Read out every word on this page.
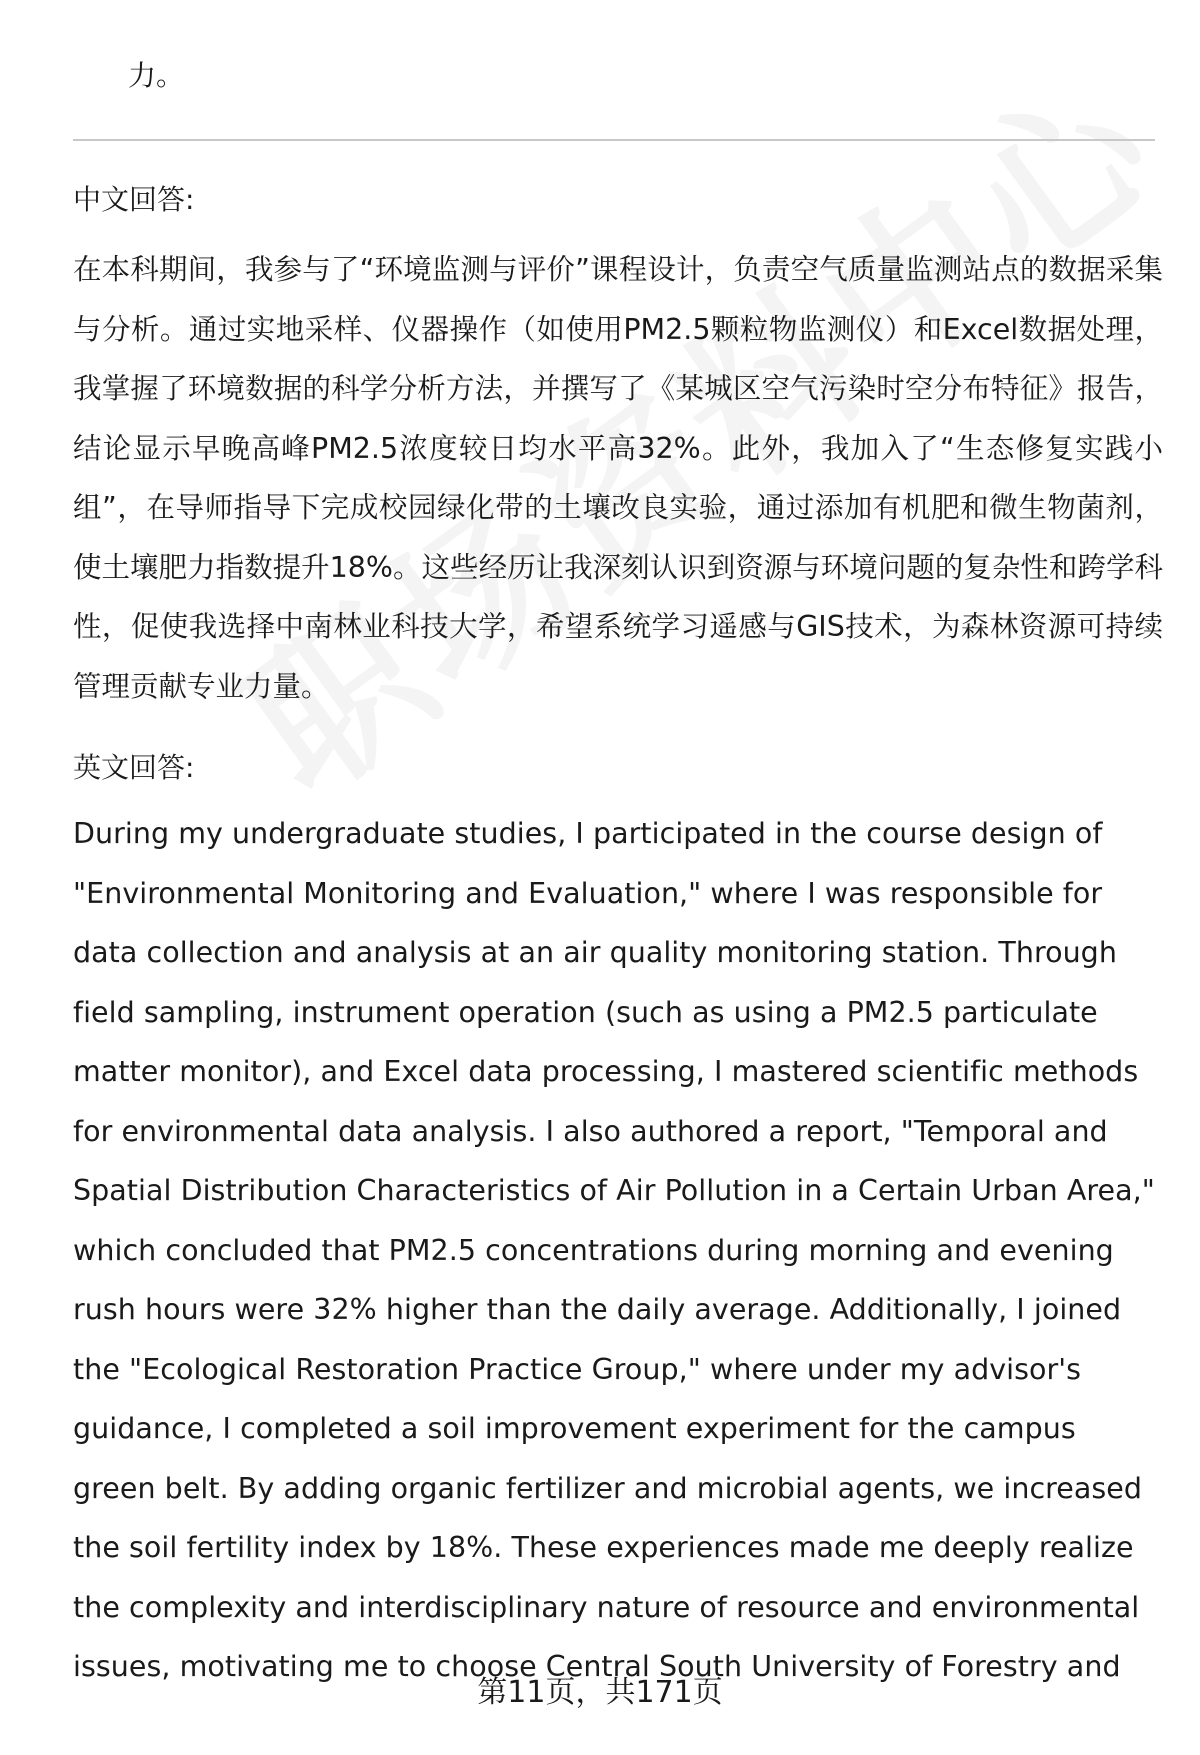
力。

中文回答:

在本科期间，我参与了“环境监测与评价”课程设计，负责空气质量监测站点的数据采集与分析。通过实地采样、仪器操作（如使用PM2.5颗粒物监测仪）和Excel数据处理，我掌握了环境数据的科学分析方法，并撰写了《某城区空气污染时空分布特征》报告，结论显示早晚高峰PM2.5浓度较日均水平高32%。此外，我加入了“生态修复实践小组”，在导师指导下完成校园绿化带的土壤改良实验，通过添加有机肥和微生物菌剂，使土壤肥力指数提升18%。这些经历让我深刻认识到资源与环境问题的复杂性和跨学科性，促使我选择中南林业科技大学，希望系统学习遥感与GIS技术，为森林资源可持续管理贡献专业力量。

英文回答:

During my undergraduate studies, I participated in the course design of "Environmental Monitoring and Evaluation," where I was responsible for data collection and analysis at an air quality monitoring station. Through field sampling, instrument operation (such as using a PM2.5 particulate matter monitor), and Excel data processing, I mastered scientific methods for environmental data analysis. I also authored a report, "Temporal and Spatial Distribution Characteristics of Air Pollution in a Certain Urban Area," which concluded that PM2.5 concentrations during morning and evening rush hours were 32% higher than the daily average. Additionally, I joined the "Ecological Restoration Practice Group," where under my advisor's guidance, I completed a soil improvement experiment for the campus green belt. By adding organic fertilizer and microbial agents, we increased the soil fertility index by 18%. These experiences made me deeply realize the complexity and interdisciplinary nature of resource and environmental issues, motivating me to choose Central South University of Forestry and

第11页，共171页
